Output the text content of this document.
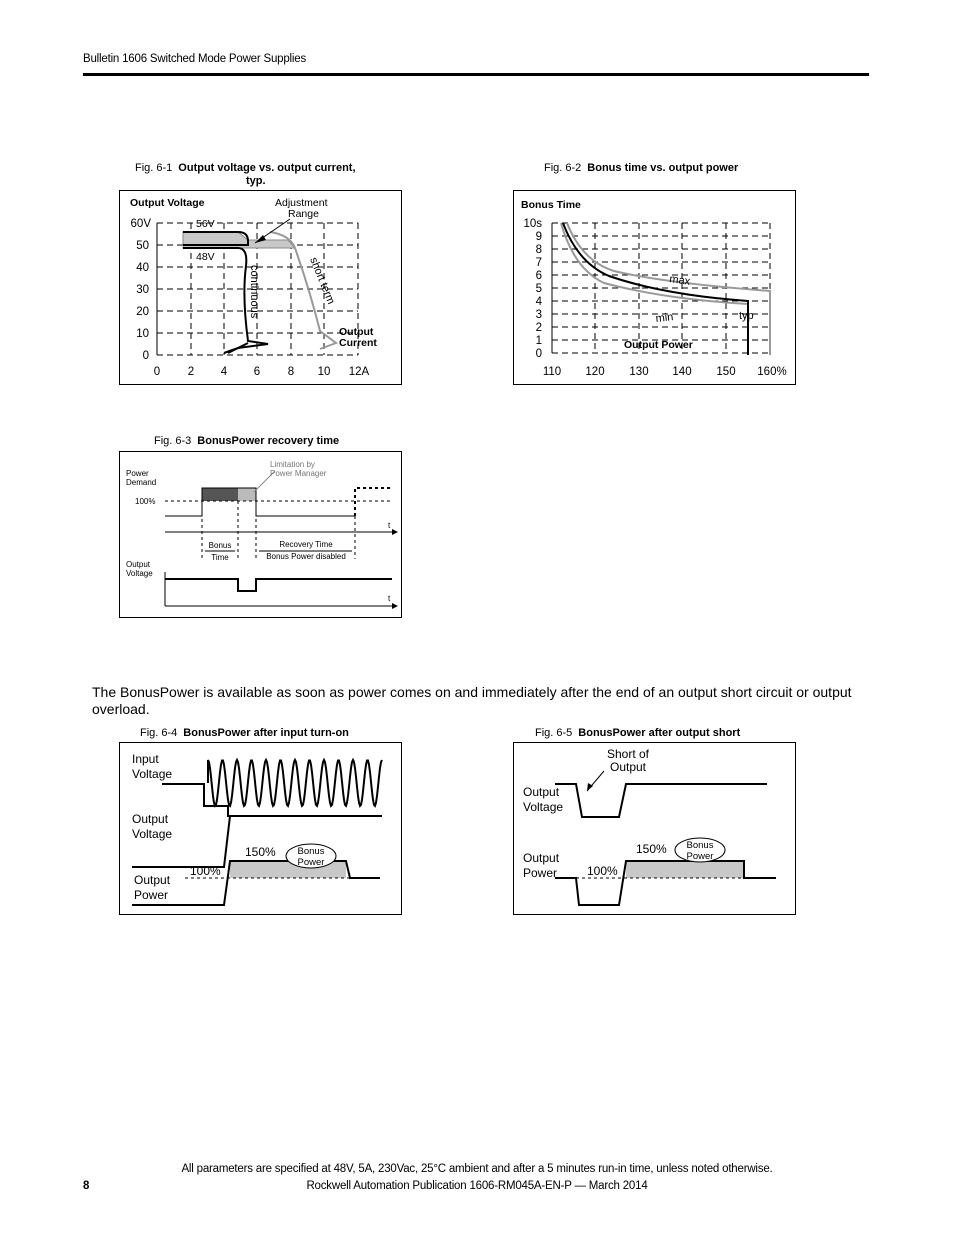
Bulletin 1606 Switched Mode Power Supplies
Fig. 6-1 Output voltage vs. output current,
typ.
Output Voltage	Adjustment
Range
56V
48V
continuous	short term
Output
Current
60V
50
40
30
20
10
0
0 2 4 6 8 10 12A
Fig. 6-2 Bonus time vs. output power
Bonus Time
max
min	typ
Output Power
10s
9
8
7
6
5
4
3
2
1
0
110 120 130 140 150 160%
Fig. 6-3 BonusPower recovery time
Power
Demand
100%
Limitation by
Power Manager
t
Bonus
Time
Recovery Time
Bonus Power disabled
Output
Voltage
t
The BonusPower is available as soon as power comes on and immediately after the end of an output short circuit or output overload.
Fig. 6-4 BonusPower after input turn-on
Input
Voltage
Output
Voltage
Output
Power
150%
100%
Bonus
Power
Fig. 6-5 BonusPower after output short
Short of
Output
Output
Voltage
Output
Power
150%
100%
Bonus
Power
All parameters are specified at 48V, 5A, 230Vac, 25°C ambient and after a 5 minutes run-in time, unless noted otherwise.
8	Rockwell Automation Publication 1606-RM045A-EN-P — March 2014
